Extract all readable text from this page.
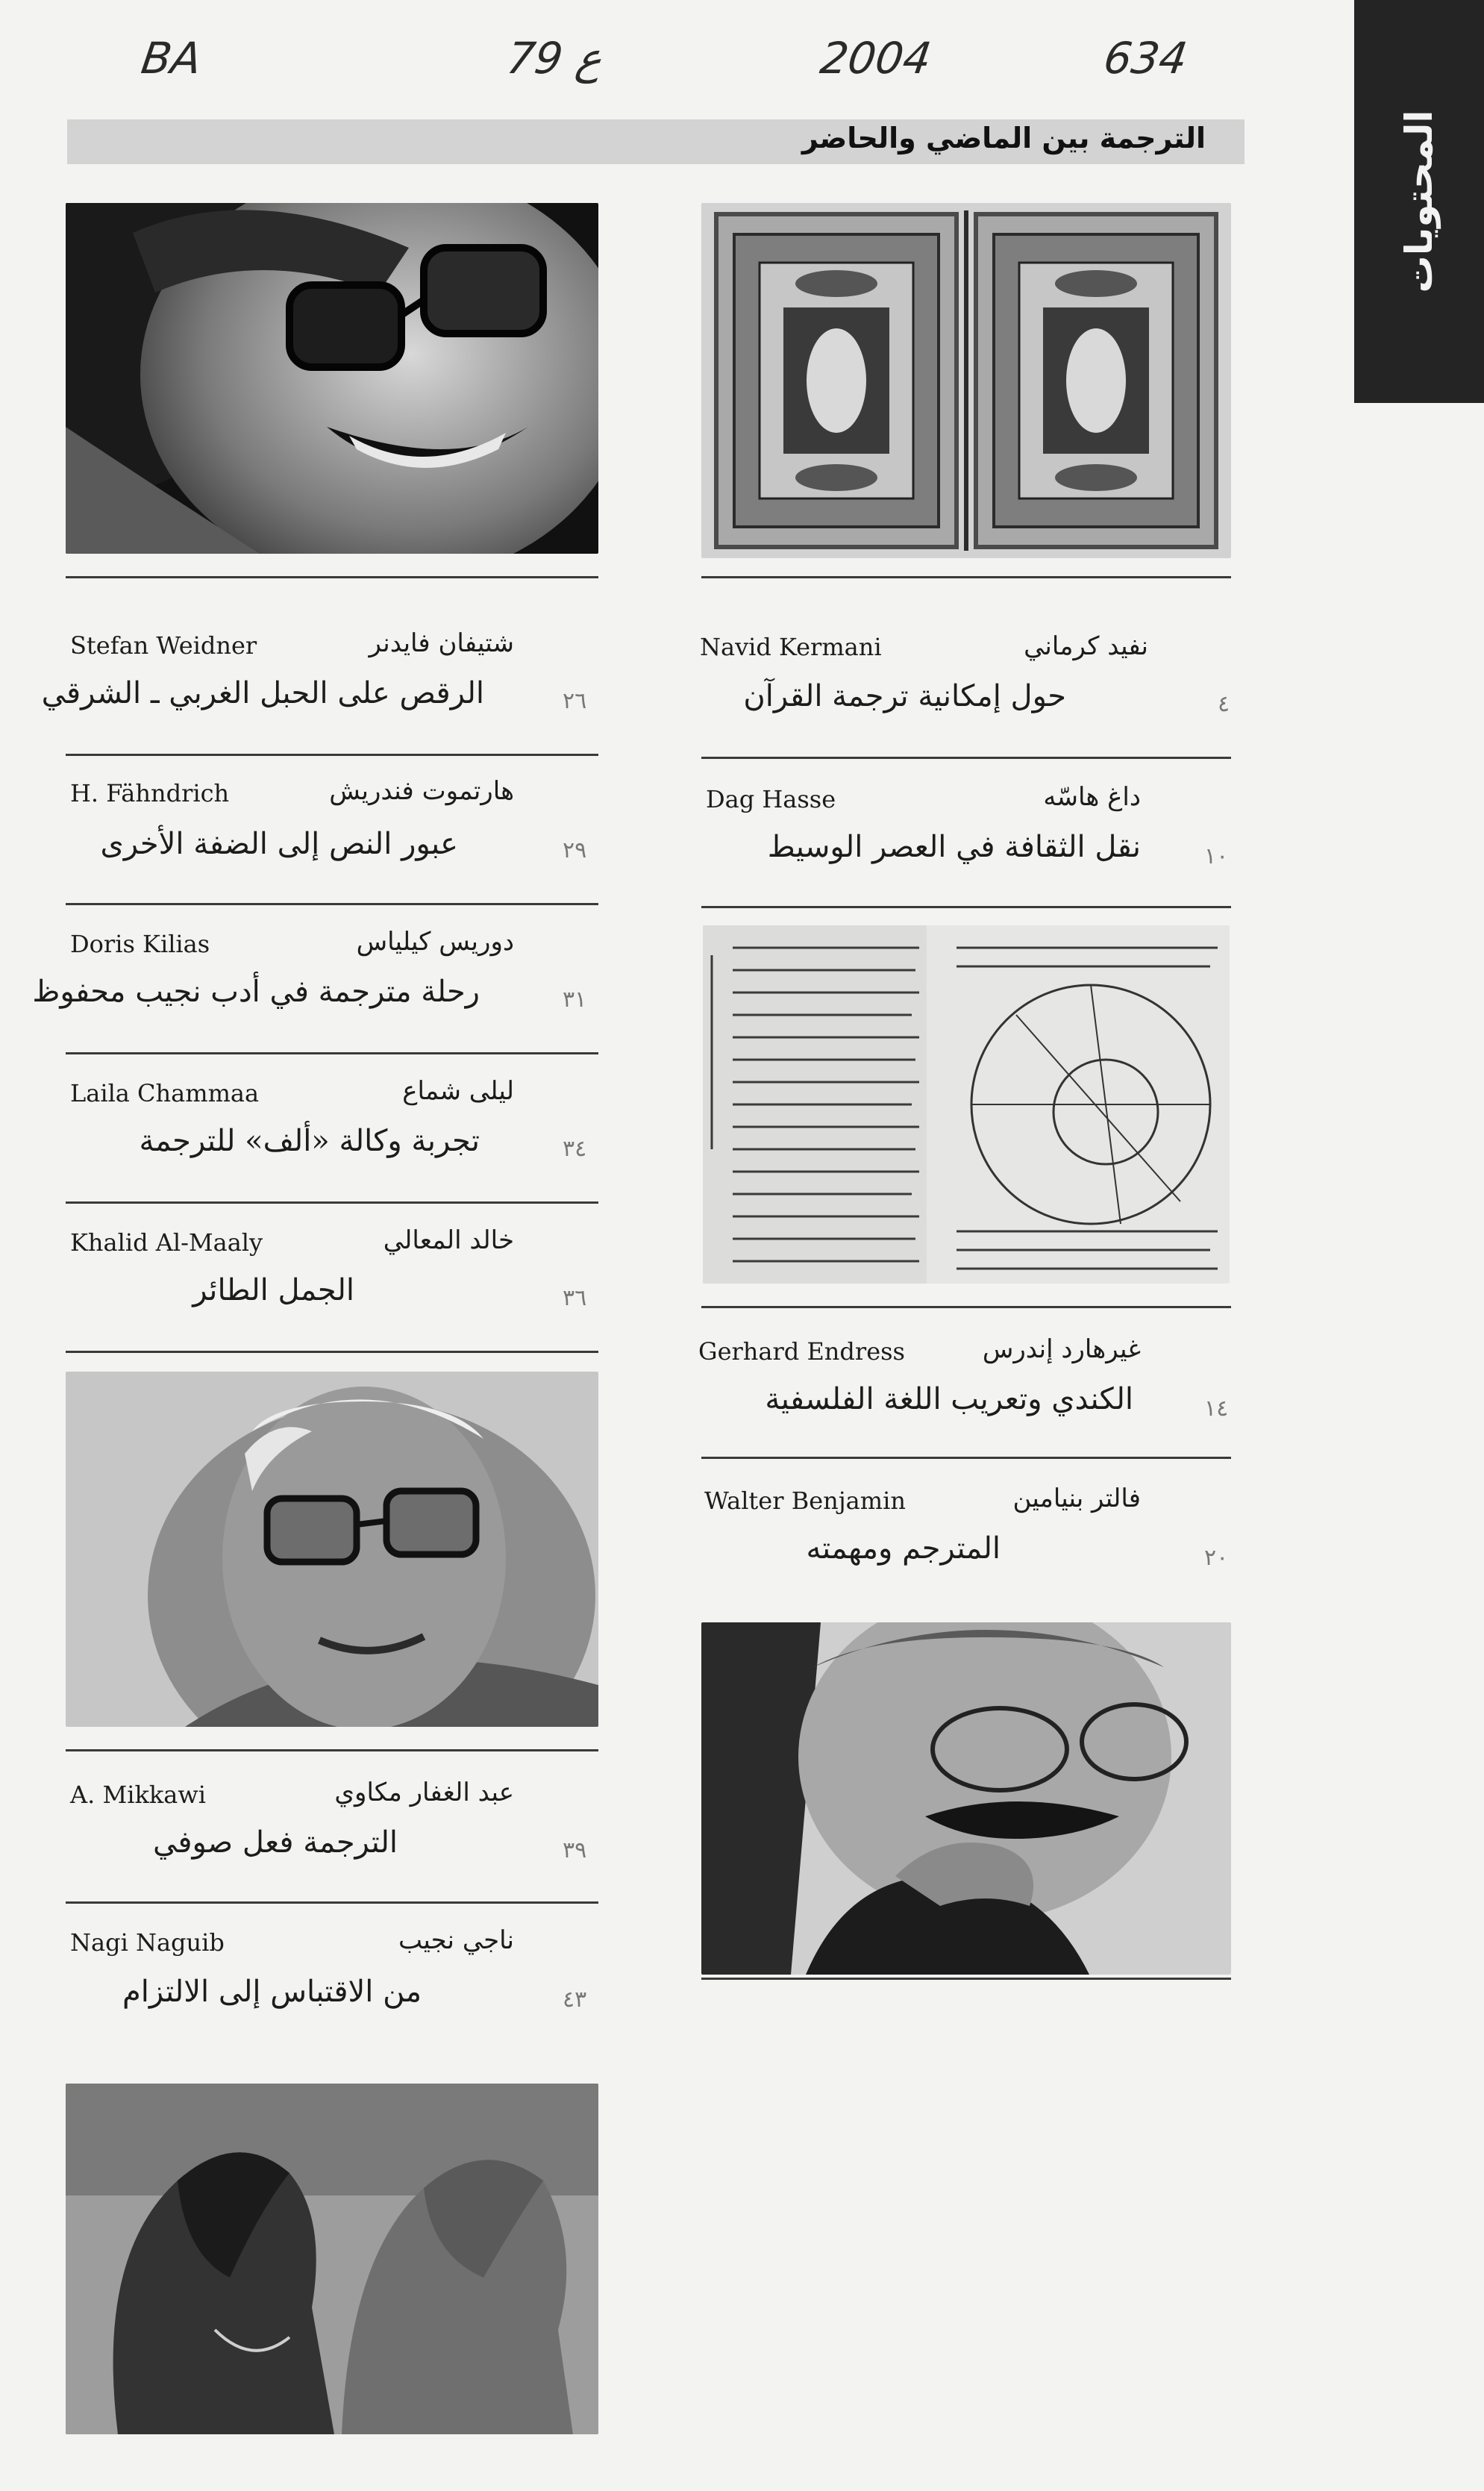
BA	79 ع	2004	634
المحتويات
الترجمة بين الماضي والحاضر
Stefan Weidner	شتيفان فايدنر
الرقص على الحبل الغربي ـ الشرقي	٢٦
H. Fähndrich	هارتموت فندريش
عبور النص إلى الضفة الأخرى	٢٩
Doris Kilias	دوريس كيلياس
رحلة مترجمة في أدب نجيب محفوظ	٣١
Laila Chammaa	ليلى شماع
تجربة وكالة «ألف» للترجمة	٣٤
Khalid Al-Maaly	خالد المعالي
الجمل الطائر	٣٦
A. Mikkawi	عبد الغفار مكاوي
الترجمة فعل صوفي	٣٩
Nagi Naguib	ناجي نجيب
من الاقتباس إلى الالتزام	٤٣
Navid Kermani	نفيد كرماني
حول إمكانية ترجمة القرآن	٤
Dag Hasse	داغ هاسّه
نقل الثقافة في العصر الوسيط	١٠
Gerhard Endress	غيرهارد إندرس
الكندي وتعريب اللغة الفلسفية	١٤
Walter Benjamin	فالتر بنيامين
المترجم ومهمته	٢٠
